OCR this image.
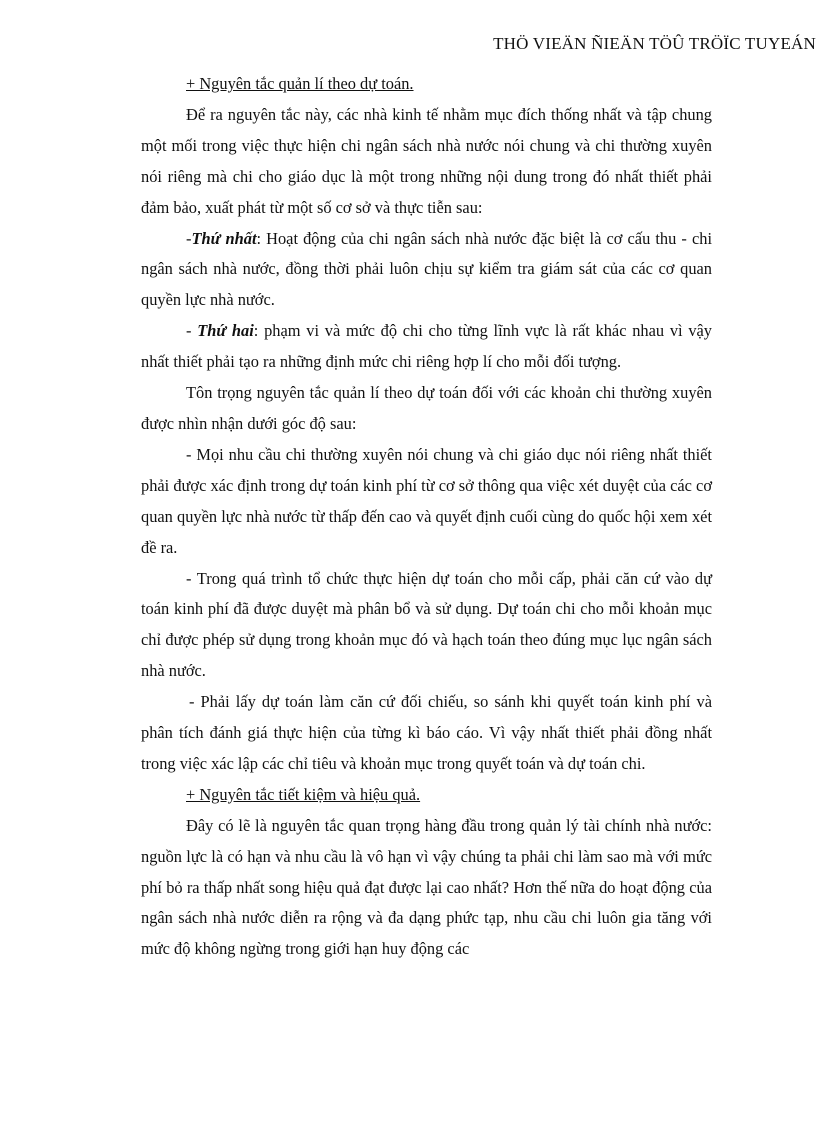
THÖ VIEÄN ÑIEÄN TÖÛ TRÖÏC TUYEÁN

+ Nguyên tắc quản lí theo dự toán.

Để ra nguyên tắc này, các nhà kinh tế nhằm mục đích thống nhất và tập chung một mối trong việc thực hiện chi ngân sách nhà nước nói chung và chi thường xuyên nói riêng mà chi cho giáo dục là một trong những nội dung trong đó nhất thiết phải đảm bảo, xuất phát từ một số cơ sở và thực tiễn sau:

-Thứ nhất: Hoạt động của chi ngân sách nhà nước đặc biệt là cơ cấu thu - chi ngân sách nhà nước, đồng thời phải luôn chịu sự kiểm tra giám sát của các cơ quan quyền lực nhà nước.

- Thứ hai: phạm vi và mức độ chi cho từng lĩnh vực là rất khác nhau vì vậy nhất thiết phải tạo ra những định mức chi riêng hợp lí cho mỗi đối tượng.

Tôn trọng nguyên tắc quản lí theo dự toán đối với các khoản chi thường xuyên được nhìn nhận dưới góc độ sau:

- Mọi nhu cầu chi thường xuyên nói chung và chi giáo dục nói riêng nhất thiết phải được xác định trong dự toán kinh phí từ cơ sở thông qua việc xét duyệt của các cơ quan quyền lực nhà nước từ thấp đến cao và quyết định cuối cùng do quốc hội xem xét đề ra.

- Trong quá trình tổ chức thực hiện dự toán cho mỗi cấp, phải căn cứ vào dự toán kinh phí đã được duyệt mà phân bổ và sử dụng. Dự toán chi cho mỗi khoản mục chỉ được phép sử dụng trong khoản mục đó và hạch toán theo đúng mục lục ngân sách nhà nước.

- Phải lấy dự toán làm căn cứ đối chiếu, so sánh khi quyết toán kinh phí và phân tích đánh giá thực hiện của từng kì báo cáo. Vì vậy nhất thiết phải đồng nhất trong việc xác lập các chỉ tiêu và khoản mục trong quyết toán và dự toán chi.

+ Nguyên tắc tiết kiệm và hiệu quả.

Đây có lẽ là nguyên tắc quan trọng hàng đầu trong quản lý tài chính nhà nước: nguồn lực là có hạn và nhu cầu là vô hạn vì vậy chúng ta phải chi làm sao mà với mức phí bỏ ra thấp nhất song hiệu quả đạt được lại cao nhất? Hơn thế nữa do hoạt động của ngân sách nhà nước diễn ra rộng và đa dạng phức tạp, nhu cầu chi luôn gia tăng với mức độ không ngừng trong giới hạn huy động các
